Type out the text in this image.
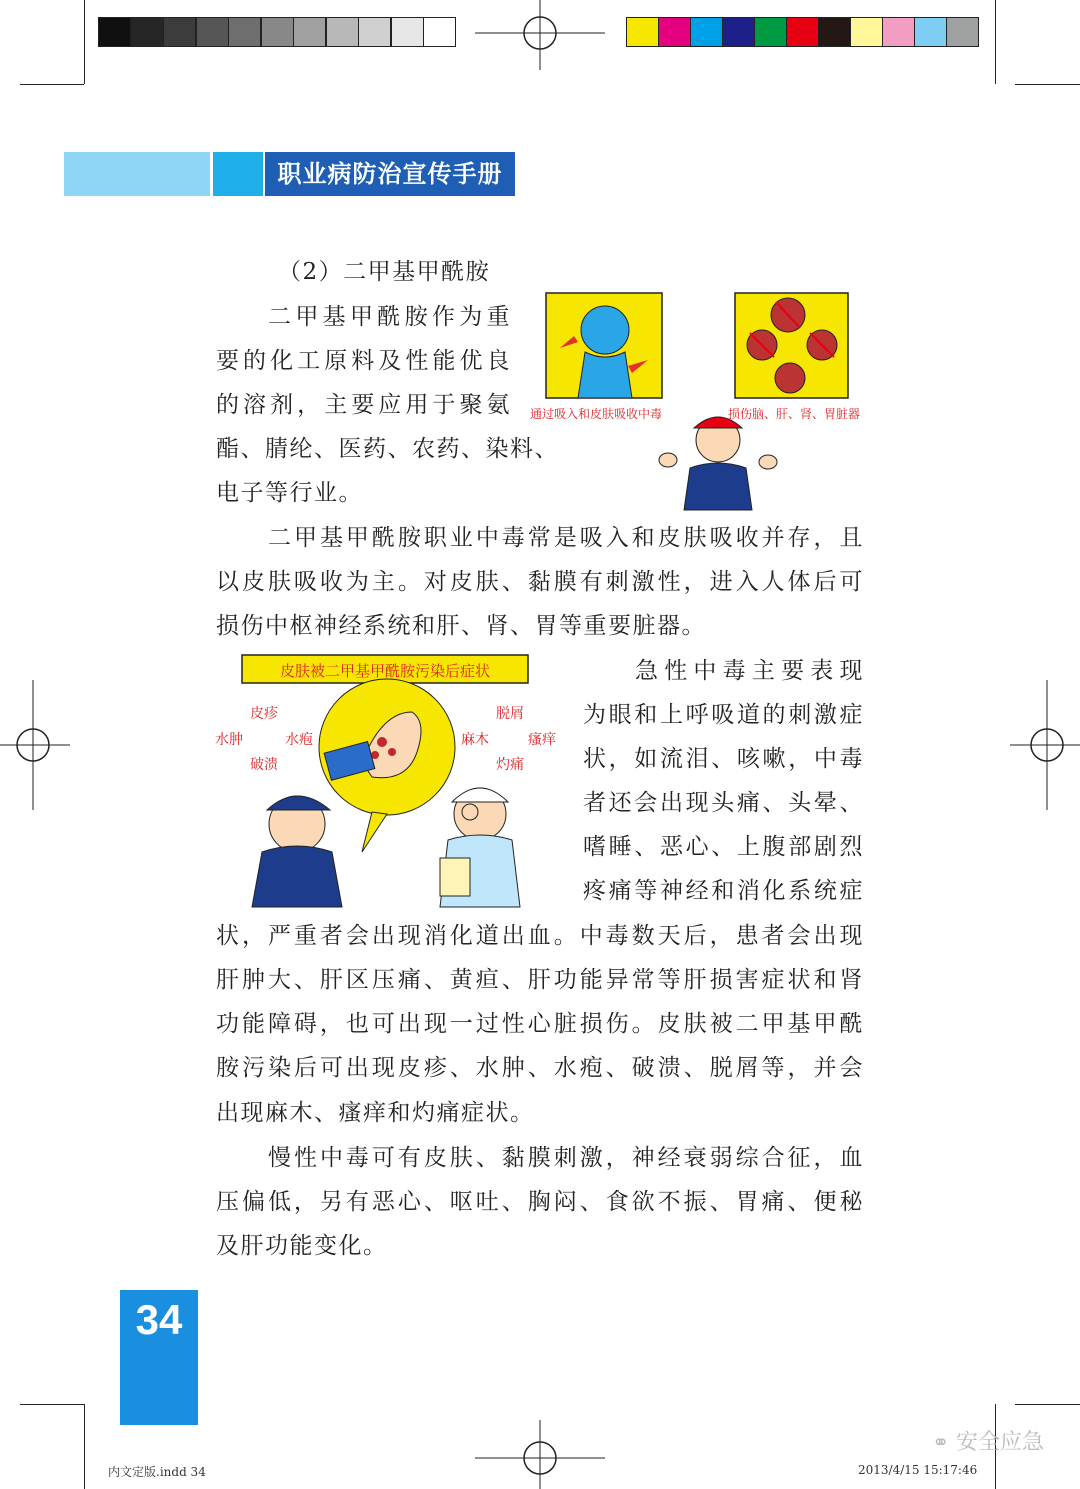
职业病防治宣传手册
（2）二甲基甲酰胺
二甲基甲酰胺作为重
要的化工原料及性能优良
的溶剂，主要应用于聚氨
酯、腈纶、医药、农药、染料、
电子等行业。
通过吸入和皮肤吸收中毒	损伤脑、肝、肾、胃脏器
二甲基甲酰胺职业中毒常是吸入和皮肤吸收并存，且
以皮肤吸收为主。对皮肤、黏膜有刺激性，进入人体后可
损伤中枢神经系统和肝、肾、胃等重要脏器。
皮肤被二甲基甲酰胺污染后症状
皮疹
水肿	水疱
破溃
脱屑
麻木	瘙痒
灼痛
急性中毒主要表现
为眼和上呼吸道的刺激症
状，如流泪、咳嗽，中毒
者还会出现头痛、头晕、
嗜睡、恶心、上腹部剧烈
疼痛等神经和消化系统症
状，严重者会出现消化道出血。中毒数天后，患者会出现
肝肿大、肝区压痛、黄疸、肝功能异常等肝损害症状和肾
功能障碍，也可出现一过性心脏损伤。皮肤被二甲基甲酰
胺污染后可出现皮疹、水肿、水疱、破溃、脱屑等，并会
出现麻木、瘙痒和灼痛症状。
慢性中毒可有皮肤、黏膜刺激，神经衰弱综合征，血
压偏低，另有恶心、呕吐、胸闷、食欲不振、胃痛、便秘
及肝功能变化。
34
内文定版.indd 34	2013/4/15 15:17:46
⚭ 安全应急
